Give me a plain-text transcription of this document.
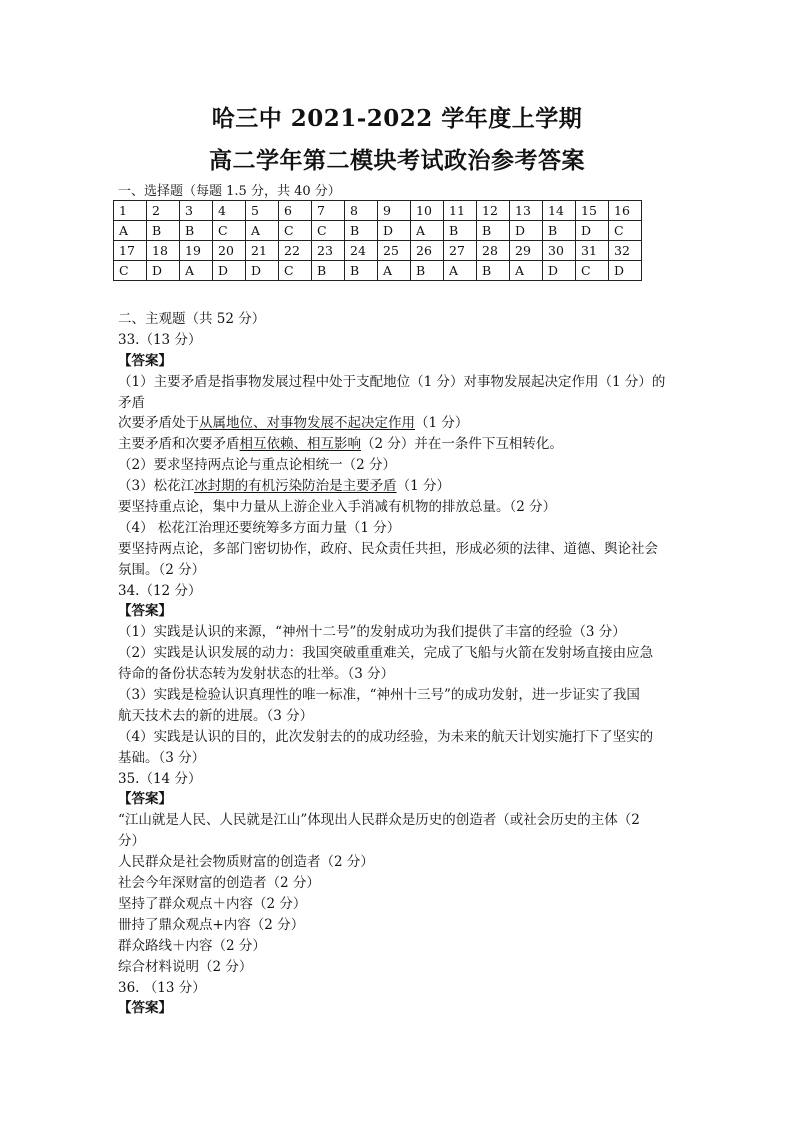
哈三中 2021-2022 学年度上学期
高二学年第二模块考试政治参考答案
一、选择题（每题 1.5 分，共 40 分）
1	2	3	4	5	6	7	8	9	10	11	12	13	14	15	16
A	B	B	C	A	C	C	B	D	A	B	B	D	B	D	C
17	18	19	20	21	22	23	24	25	26	27	28	29	30	31	32
C	D	A	D	D	C	B	B	A	B	A	B	A	D	C	D
二、主观题（共 52 分）
33.（13 分）
【答案】
（1）主要矛盾是指事物发展过程中处于支配地位（1 分）对事物发展起决定作用（1 分）的
矛盾
次要矛盾处于从属地位、对事物发展不起决定作用（1 分）
主要矛盾和次要矛盾相互依赖、相互影响（2 分）并在一条件下互相转化。
（2）要求坚持两点论与重点论相统一（2 分）
（3）松花江冰封期的有机污染防治是主要矛盾（1 分）
要坚持重点论，集中力量从上游企业入手消减有机物的排放总量。（2 分）
（4） 松花江治理还要统筹多方面力量（1 分）
要坚持两点论，多部门密切协作，政府、民众责任共担，形成必须的法律、道德、舆论社会
氛围。（2 分）
34.（12 分）
【答案】
（1）实践是认识的来源，“神州十二号”的发射成功为我们提供了丰富的经验（3 分）
（2）实践是认识发展的动力：我国突破重重难关，完成了飞船与火箭在发射场直接由应急
待命的备份状态转为发射状态的壮举。（3 分）
（3）实践是检验认识真理性的唯一标准，“神州十三号”的成功发射，进一步证实了我国
航天技术去的新的进展。（3 分）
（4）实践是认识的目的，此次发射去的的成功经验，为未来的航天计划实施打下了坚实的
基础。（3 分）
35.（14 分）
【答案】
“江山就是人民、人民就是江山”体现出人民群众是历史的创造者（或社会历史的主体（2
分）
人民群众是社会物质财富的创造者（2 分）
社会今年深财富的创造者（2 分）
坚持了群众观点＋内容（2 分）
卌持了鼎众观点+内容（2 分）
群众路线＋内容（2 分）
综合材料说明（2 分）
36. （13 分）
【答案】
